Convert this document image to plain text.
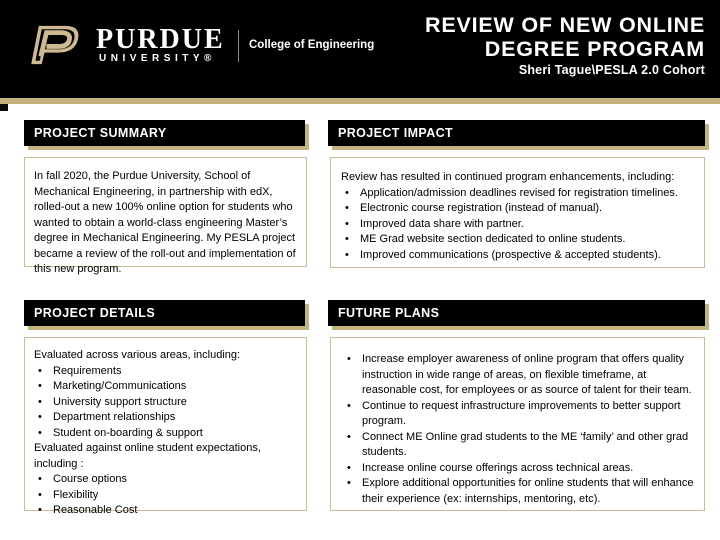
PURDUE
UNIVERSITY®
College of Engineering
REVIEW OF NEW ONLINE
DEGREE PROGRAM
Sheri Tague\PESLA 2.0 Cohort
PROJECT SUMMARY	PROJECT IMPACT
PROJECT DETAILS	FUTURE PLANS

In fall 2020, the Purdue University, School of Mechanical Engineering, in partnership with edX, rolled-out a new 100% online option for students who wanted to obtain a world-class engineering Master’s degree in Mechanical Engineering. My PESLA project became a review of the roll-out and implementation of this new program.

Review has resulted in continued program enhancements, including:

• Application/admission deadlines revised for registration timelines.
• Electronic course registration (instead of manual).
• Improved data share with partner.
• ME Grad website section dedicated to online students.
• Improved communications (prospective & accepted students).

Evaluated across various areas, including:

• Requirements
• Marketing/Communications
• University support structure
• Department relationships
• Student on-boarding & support

Evaluated against online student expectations, including :

• Course options
• Flexibility
• Reasonable Cost
• Increase employer awareness of online program that offers quality instruction in wide range of areas, on flexible timeframe, at reasonable cost, for employees or as source of talent for their team.
• Continue to request infrastructure improvements to better support program.
• Connect ME Online grad students to the ME ‘family’ and other grad students.
• Increase online course offerings across technical areas.
• Explore additional opportunities for online students that will enhance their experience (ex: internships, mentoring, etc).
